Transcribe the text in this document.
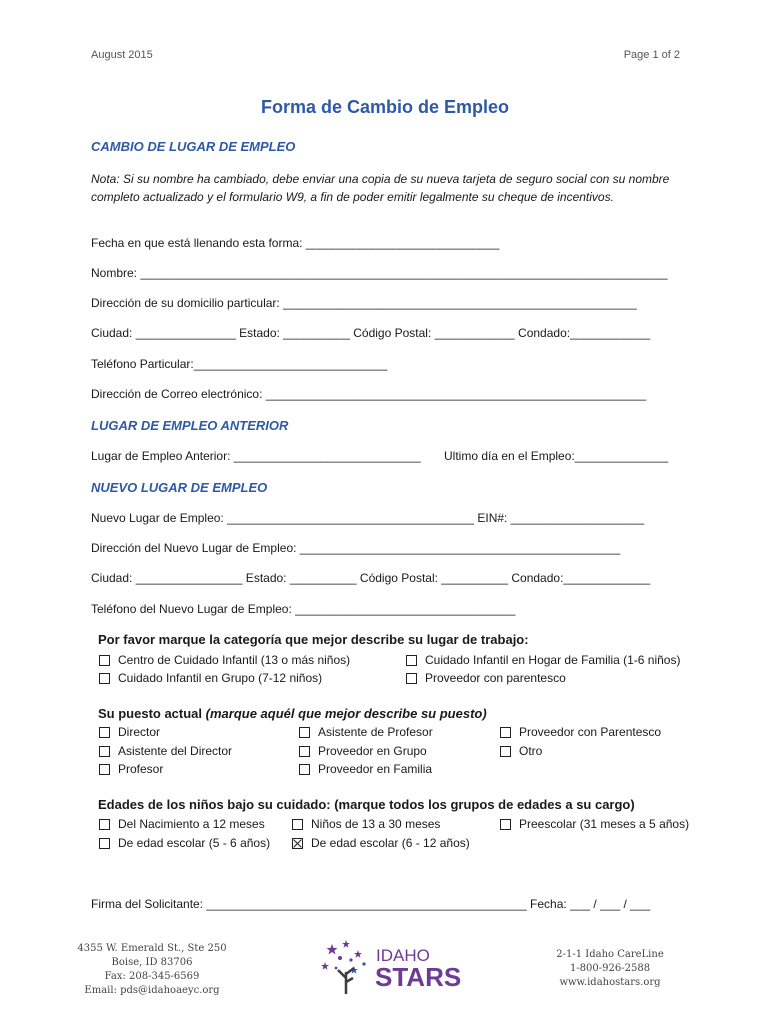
August 2015	Page 1 of 2
Forma de Cambio de Empleo
CAMBIO DE LUGAR DE EMPLEO
Nota: Si su nombre ha cambiado, debe enviar una copia de su nueva tarjeta de seguro social con su nombre completo actualizado y el formulario W9, a fin de poder emitir legalmente su cheque de incentivos.
Fecha en que está llenando esta forma: _____________________________
Nombre: _______________________________________________________________________________
Dirección de su domicilio particular: _____________________________________________________
Ciudad: _______________ Estado: __________ Código Postal: ____________ Condado:____________
Teléfono Particular:_____________________________
Dirección de Correo electrónico: _________________________________________________________
LUGAR DE EMPLEO ANTERIOR
Lugar de Empleo Anterior: ____________________________ Ultimo día en el Empleo:______________
NUEVO LUGAR DE EMPLEO
Nuevo Lugar de Empleo: _____________________________________ EIN#: ____________________
Dirección del Nuevo Lugar de Empleo: ________________________________________________
Ciudad: ________________ Estado: __________ Código Postal: __________ Condado:_____________
Teléfono del Nuevo Lugar de Empleo: _________________________________
Por favor marque la categoría que mejor describe su lugar de trabajo:
Centro de Cuidado Infantil (13 o más niños)	Cuidado Infantil en Hogar de Familia (1-6 niños)
Cuidado Infantil en Grupo (7-12 niños)	Proveedor con parentesco
Su puesto actual (marque aquél que mejor describe su puesto)
Director	Asistente de Profesor	Proveedor con Parentesco
Asistente del Director	Proveedor en Grupo	Otro
Profesor	Proveedor en Familia
Edades de los niños bajo su cuidado: (marque todos los grupos de edades a su cargo)
Del Nacimiento a 12 meses	Niños de 13 a 30 meses	Preescolar (31 meses a 5 años)
De edad escolar (5 - 6 años)	De edad escolar (6 - 12 años)
Firma del Solicitante: ________________________________________________ Fecha: ___ / ___ / ___
4355 W. Emerald St., Ste 250
Boise, ID 83706
Fax: 208-345-6569
Email: pds@idahoaeyc.org
IDAHO
STARS
2-1-1 Idaho CareLine
1-800-926-2588
www.idahostars.org
